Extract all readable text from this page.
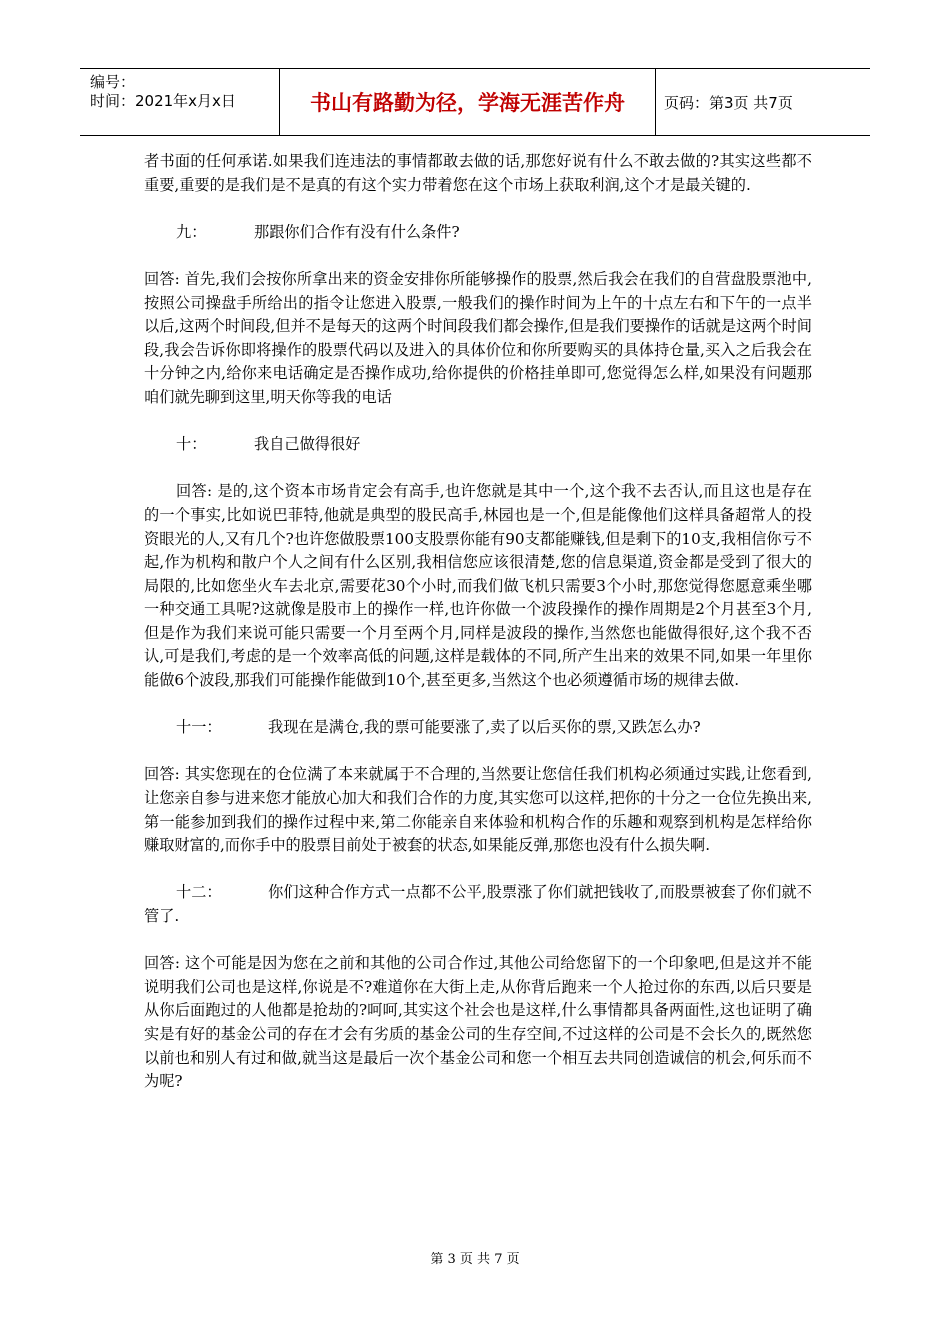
编号：
时间：2021年x月x日	书山有路勤为径，学海无涯苦作舟	页码：第3页 共7页

者书面的任何承诺.如果我们连违法的事情都敢去做的话,那您好说有什么不敢去做的?其实这些都不重要,重要的是我们是不是真的有这个实力带着您在这个市场上获取利润,这个才是最关键的.

九：	那跟你们合作有没有什么条件?

回答: 首先,我们会按你所拿出来的资金安排你所能够操作的股票,然后我会在我们的自营盘股票池中,按照公司操盘手所给出的指令让您进入股票,一般我们的操作时间为上午的十点左右和下午的一点半以后,这两个时间段,但并不是每天的这两个时间段我们都会操作,但是我们要操作的话就是这两个时间段,我会告诉你即将操作的股票代码以及进入的具体价位和你所要购买的具体持仓量,买入之后我会在十分钟之内,给你来电话确定是否操作成功,给你提供的价格挂单即可,您觉得怎么样,如果没有问题那咱们就先聊到这里,明天你等我的电话

十：	我自己做得很好

回答: 是的,这个资本市场肯定会有高手,也许您就是其中一个,这个我不去否认,而且这也是存在的一个事实,比如说巴菲特,他就是典型的股民高手,林园也是一个,但是能像他们这样具备超常人的投资眼光的人,又有几个?也许您做股票100支股票你能有90支都能赚钱,但是剩下的10支,我相信你亏不起,作为机构和散户个人之间有什么区别,我相信您应该很清楚,您的信息渠道,资金都是受到了很大的局限的,比如您坐火车去北京,需要花30个小时,而我们做飞机只需要3个小时,那您觉得您愿意乘坐哪一种交通工具呢?这就像是股市上的操作一样,也许你做一个波段操作的操作周期是2个月甚至3个月,但是作为我们来说可能只需要一个月至两个月,同样是波段的操作,当然您也能做得很好,这个我不否认,可是我们,考虑的是一个效率高低的问题,这样是载体的不同,所产生出来的效果不同,如果一年里你能做6个波段,那我们可能操作能做到10个,甚至更多,当然这个也必须遵循市场的规律去做.

十一：	我现在是满仓,我的票可能要涨了,卖了以后买你的票,又跌怎么办?

回答: 其实您现在的仓位满了本来就属于不合理的,当然要让您信任我们机构必须通过实践,让您看到,让您亲自参与进来您才能放心加大和我们合作的力度,其实您可以这样,把你的十分之一仓位先换出来,第一能参加到我们的操作过程中来,第二你能亲自来体验和机构合作的乐趣和观察到机构是怎样给你赚取财富的,而你手中的股票目前处于被套的状态,如果能反弹,那您也没有什么损失啊.

十二：	你们这种合作方式一点都不公平,股票涨了你们就把钱收了,而股票被套了你们就不管了.

回答: 这个可能是因为您在之前和其他的公司合作过,其他公司给您留下的一个印象吧,但是这并不能说明我们公司也是这样,你说是不?难道你在大街上走,从你背后跑来一个人抢过你的东西,以后只要是从你后面跑过的人他都是抢劫的?呵呵,其实这个社会也是这样,什么事情都具备两面性,这也证明了确实是有好的基金公司的存在才会有劣质的基金公司的生存空间,不过这样的公司是不会长久的,既然您以前也和别人有过和做,就当这是最后一次个基金公司和您一个相互去共同创造诚信的机会,何乐而不为呢?

第 3 页 共 7 页
